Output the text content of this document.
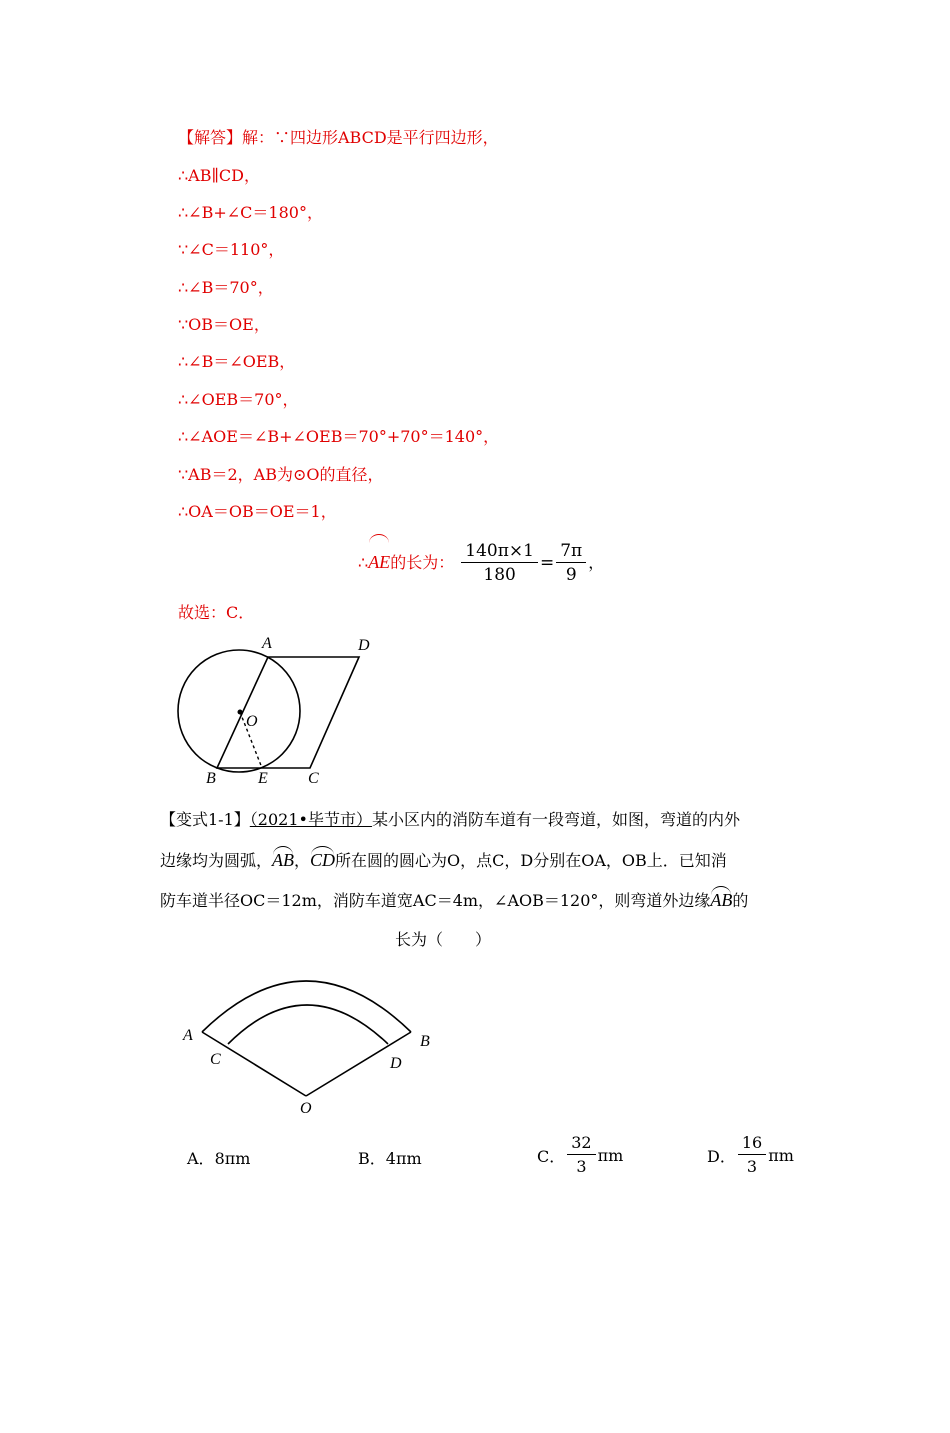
【解答】解：∵四边形ABCD是平行四边形，
∴AB∥CD，
∴∠B+∠C＝180°，
∵∠C＝110°，
∴∠B＝70°，
∵OB＝OE，
∴∠B＝∠OEB，
∴∠OEB＝70°，
∴∠AOE＝∠B+∠OEB＝70°+70°＝140°，
∵AB＝2，AB为⊙O的直径，
∴OA＝OB＝OE＝1，
∴AE的长为： $\frac{140\pi\times 1}{180} = \frac{7\pi}{9}$ ，
故选：C．
A	D
O
B	E	C
【变式1-1】（2021•毕节市）某小区内的消防车道有一段弯道，如图，弯道的内外
边缘均为圆弧，AB，CD所在圆的圆心为O，点C，D分别在OA，OB上．已知消
防车道半径OC＝12m，消防车道宽AC＝4m，∠AOB＝120°，则弯道外边缘AB的
长为（　　）
A
C	D
B
O
A．8πm	B．4πm	C． $\frac{32}{3}$ πm	D． $\frac{16}{3}$ πm
